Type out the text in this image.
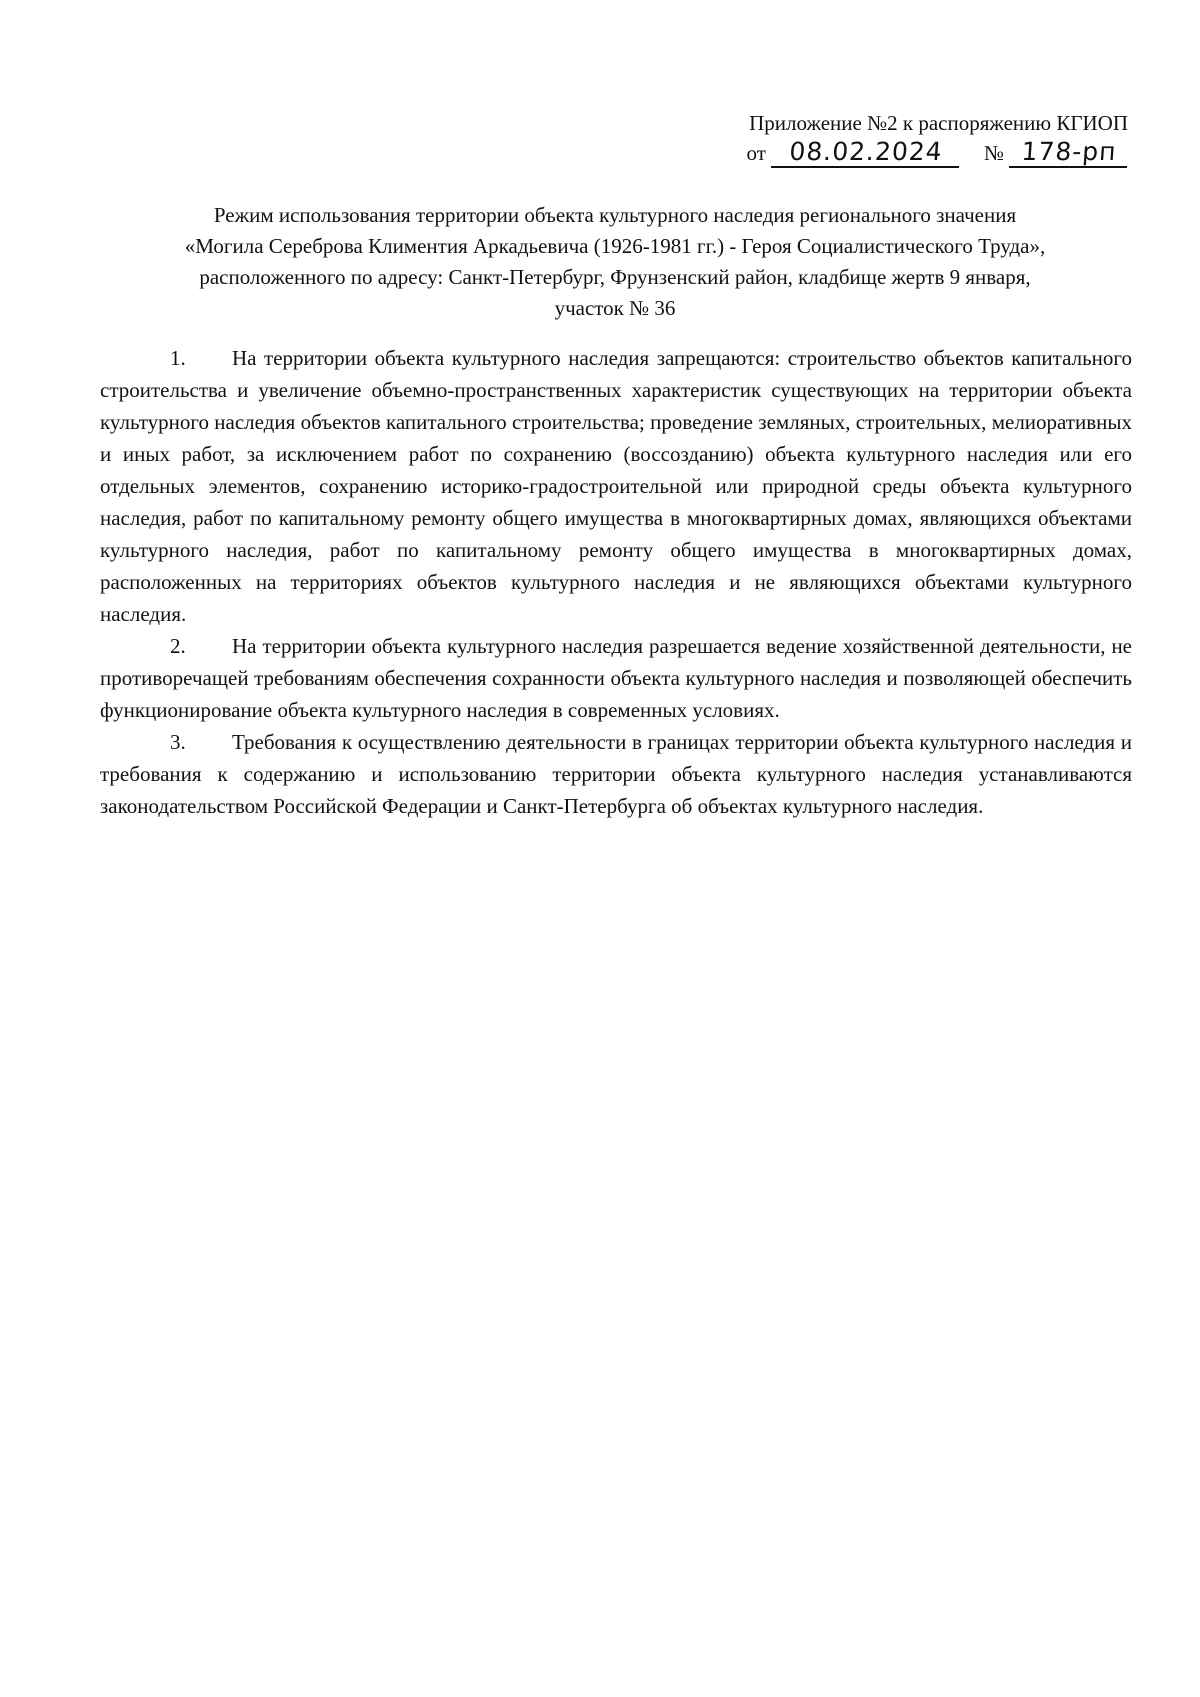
Приложение №2 к распоряжению КГИОП
от 08.02.2024	№ 178-рп
Режим использования территории объекта культурного наследия регионального значения
«Могила Сереброва Климентия Аркадьевича (1926-1981 гг.) - Героя Социалистического Труда»,
расположенного по адресу: Санкт-Петербург, Фрунзенский район, кладбище жертв 9 января,
участок № 36

1. На территории объекта культурного наследия запрещаются: строительство объектов капитального строительства и увеличение объемно-пространственных характеристик существующих на территории объекта культурного наследия объектов капитального строительства; проведение земляных, строительных, мелиоративных и иных работ, за исключением работ по сохранению (воссозданию) объекта культурного наследия или его отдельных элементов, сохранению историко-градостроительной или природной среды объекта культурного наследия, работ по капитальному ремонту общего имущества в многоквартирных домах, являющихся объектами культурного наследия, работ по капитальному ремонту общего имущества в многоквартирных домах, расположенных на территориях объектов культурного наследия и не являющихся объектами культурного наследия.

2. На территории объекта культурного наследия разрешается ведение хозяйственной деятельности, не противоречащей требованиям обеспечения сохранности объекта культурного наследия и позволяющей обеспечить функционирование объекта культурного наследия в современных условиях.

3. Требования к осуществлению деятельности в границах территории объекта культурного наследия и требования к содержанию и использованию территории объекта культурного наследия устанавливаются законодательством Российской Федерации и Санкт-Петербурга об объектах культурного наследия.
